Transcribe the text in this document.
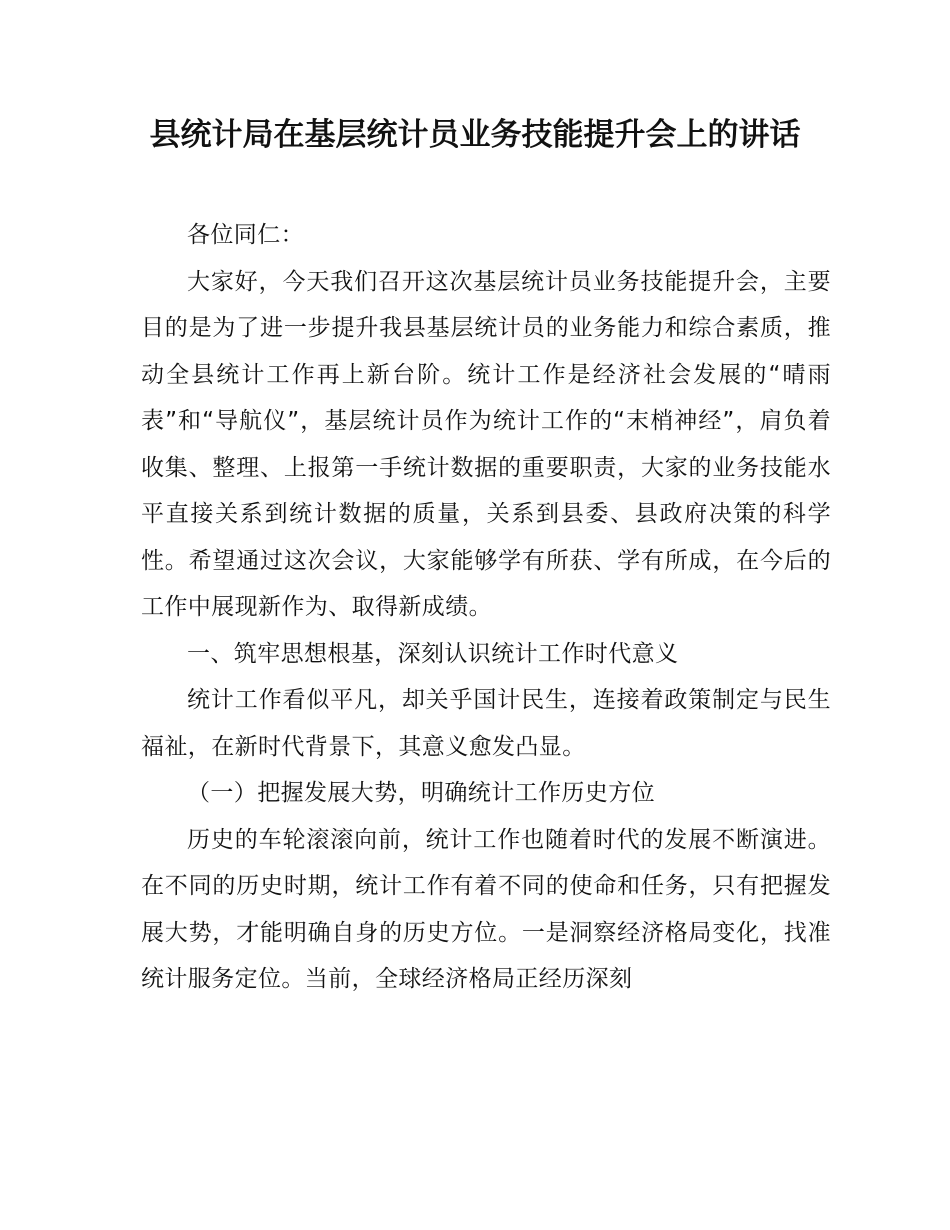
县统计局在基层统计员业务技能提升会上的讲话

各位同仁：

大家好，今天我们召开这次基层统计员业务技能提升会，主要目的是为了进一步提升我县基层统计员的业务能力和综合素质，推动全县统计工作再上新台阶。统计工作是经济社会发展的“晴雨表”和“导航仪”，基层统计员作为统计工作的“末梢神经”，肩负着收集、整理、上报第一手统计数据的重要职责，大家的业务技能水平直接关系到统计数据的质量，关系到县委、县政府决策的科学性。希望通过这次会议，大家能够学有所获、学有所成，在今后的工作中展现新作为、取得新成绩。

一、筑牢思想根基，深刻认识统计工作时代意义

统计工作看似平凡，却关乎国计民生，连接着政策制定与民生福祉，在新时代背景下，其意义愈发凸显。

（一）把握发展大势，明确统计工作历史方位

历史的车轮滚滚向前，统计工作也随着时代的发展不断演进。在不同的历史时期，统计工作有着不同的使命和任务，只有把握发展大势，才能明确自身的历史方位。一是洞察经济格局变化，找准统计服务定位。当前，全球经济格局正经历深刻
